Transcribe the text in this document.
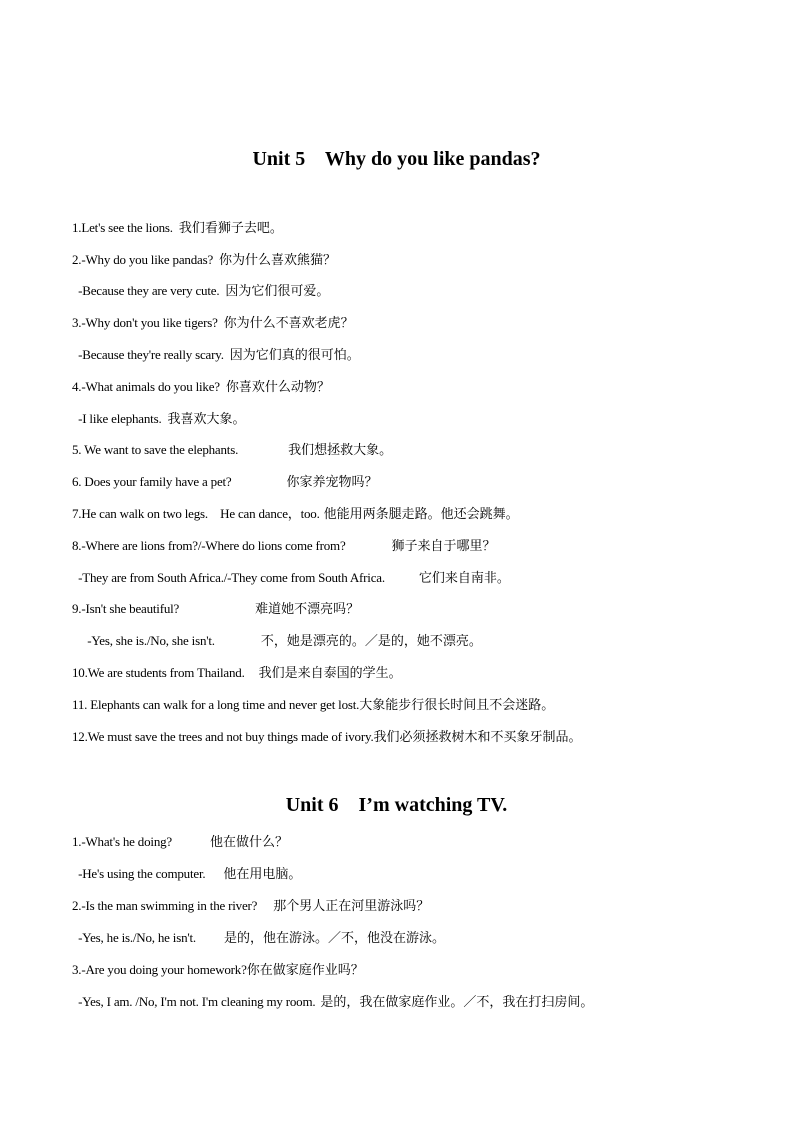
Unit 5    Why do you like pandas?
1.Let's see the lions. 我们看狮子去吧。
2.-Why do you like pandas? 你为什么喜欢熊猫？
-Because they are very cute. 因为它们很可爱。
3.-Why don't you like tigers? 你为什么不喜欢老虎？
-Because they're really scary. 因为它们真的很可怕。
4.-What animals do you like? 你喜欢什么动物？
-I like elephants. 我喜欢大象。
5. We want to save the elephants.	我们想拯救大象。
6. Does your family have a pet?	你家养宠物吗？
7.He can walk on two legs.    He can dance，too. 他能用两条腿走路。他还会跳舞。
8.-Where are lions from?/-Where do lions come from?	狮子来自于哪里？
-They are from South Africa./-They come from South Africa.	它们来自南非。
9.-Isn't she beautiful?	难道她不漂亮吗？
-Yes, she is./No, she isn't.	不，她是漂亮的。／是的，她不漂亮。
10.We are students from Thailand. 我们是来自泰国的学生。
11. Elephants can walk for a long time and never get lost. 大象能步行很长时间且不会迷路。
12.We must save the trees and not buy things made of ivory. 我们必须拯救树木和不买象牙制品。
Unit 6    I’m watching TV.
1.-What's he doing?	他在做什么？
-He's using the computer. 他在用电脑。
2.-Is the man swimming in the river? 那个男人正在河里游泳吗？
-Yes, he is./No, he isn't. 是的，他在游泳。／不，他没在游泳。
3.-Are you doing your homework? 你在做家庭作业吗？
-Yes, I am. /No, I'm not. I'm cleaning my room. 是的，我在做家庭作业。／不，我在打扫房间。
